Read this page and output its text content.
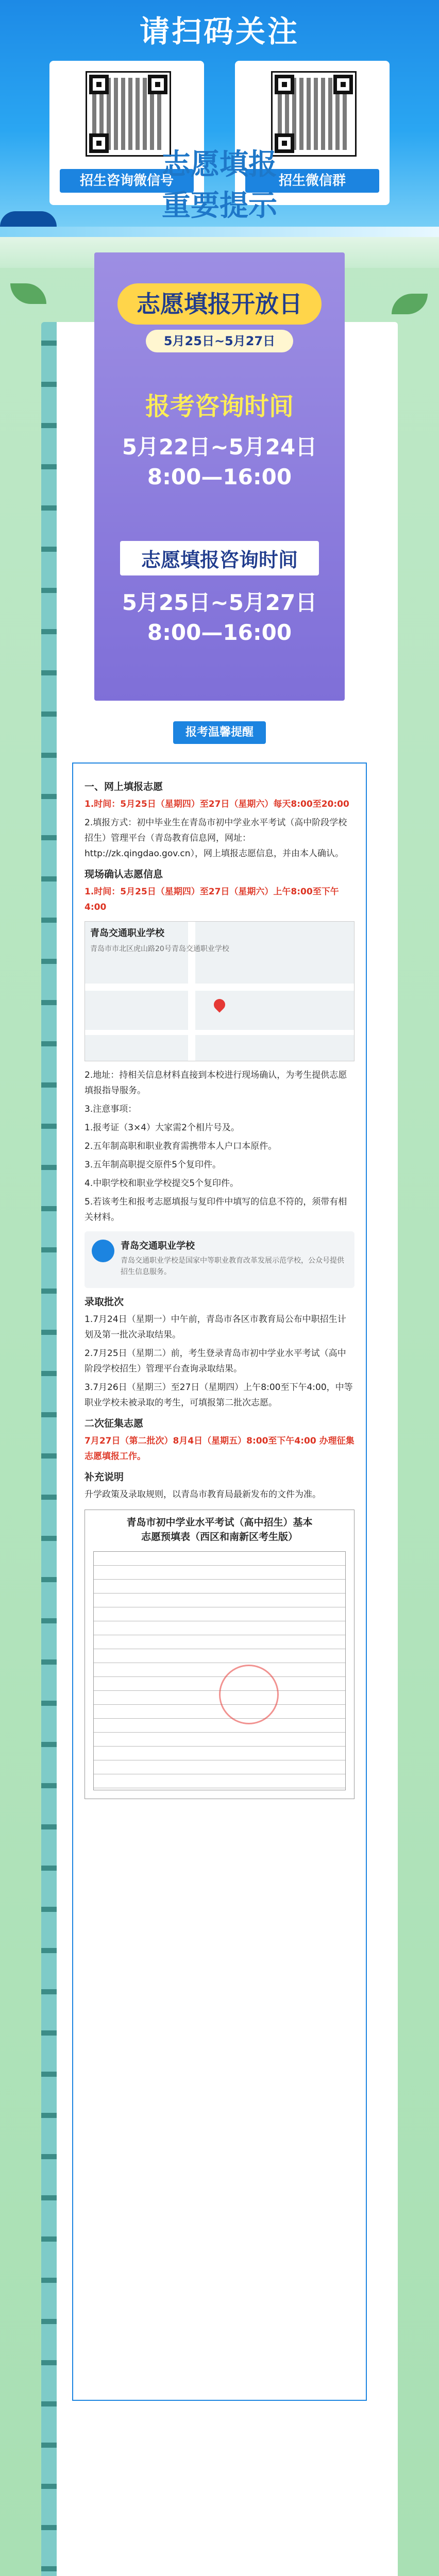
请扫码关注
招生咨询微信号	招生微信群
志愿填报
重要提示
志愿填报开放日
5月25日~5月27日
报考咨询时间
5月22日~5月24日
8:00—16:00
志愿填报咨询时间
5月25日~5月27日
8:00—16:00
报考温馨提醒
一、网上填报志愿

1.时间：5月25日（星期四）至27日（星期六）每天8:00至20:00

2.填报方式：初中毕业生在青岛市初中学业水平考试（高中阶段学校招生）管理平台（青岛教育信息网，网址：http://zk.qingdao.gov.cn），网上填报志愿信息，并由本人确认。

现场确认志愿信息

1.时间：5月25日（星期四）至27日（星期六）上午8:00至下午4:00

青岛交通职业学校
青岛市市北区虎山路20号青岛交通职业学校

2.地址：持相关信息材料直接到本校进行现场确认，为考生提供志愿填报指导服务。

3.注意事项：

1.报考证（3×4）大家需2个相片号及。

2.五年制高职和职业教育需携带本人户口本原件。

3.五年制高职提交原件5个复印件。

4.中职学校和职业学校提交5个复印件。

5.若该考生和报考志愿填报与复印件中填写的信息不符的，须带有相关材料。

青岛交通职业学校
青岛交通职业学校是国家中等职业教育改革发展示范学校，公众号提供招生信息服务。
录取批次

1.7月24日（星期一）中午前，青岛市各区市教育局公布中职招生计划及第一批次录取结果。

2.7月25日（星期二）前，考生登录青岛市初中学业水平考试（高中阶段学校招生）管理平台查询录取结果。

3.7月26日（星期三）至27日（星期四）上午8:00至下午4:00，中等职业学校未被录取的考生，可填报第二批次志愿。

二次征集志愿

7月27日（第二批次）8月4日（星期五）8:00至下午4:00 办理征集志愿填报工作。

补充说明

升学政策及录取规则，以青岛市教育局最新发布的文件为准。

青岛市初中学业水平考试（高中招生）基本
志愿预填表（西区和南新区考生版）
